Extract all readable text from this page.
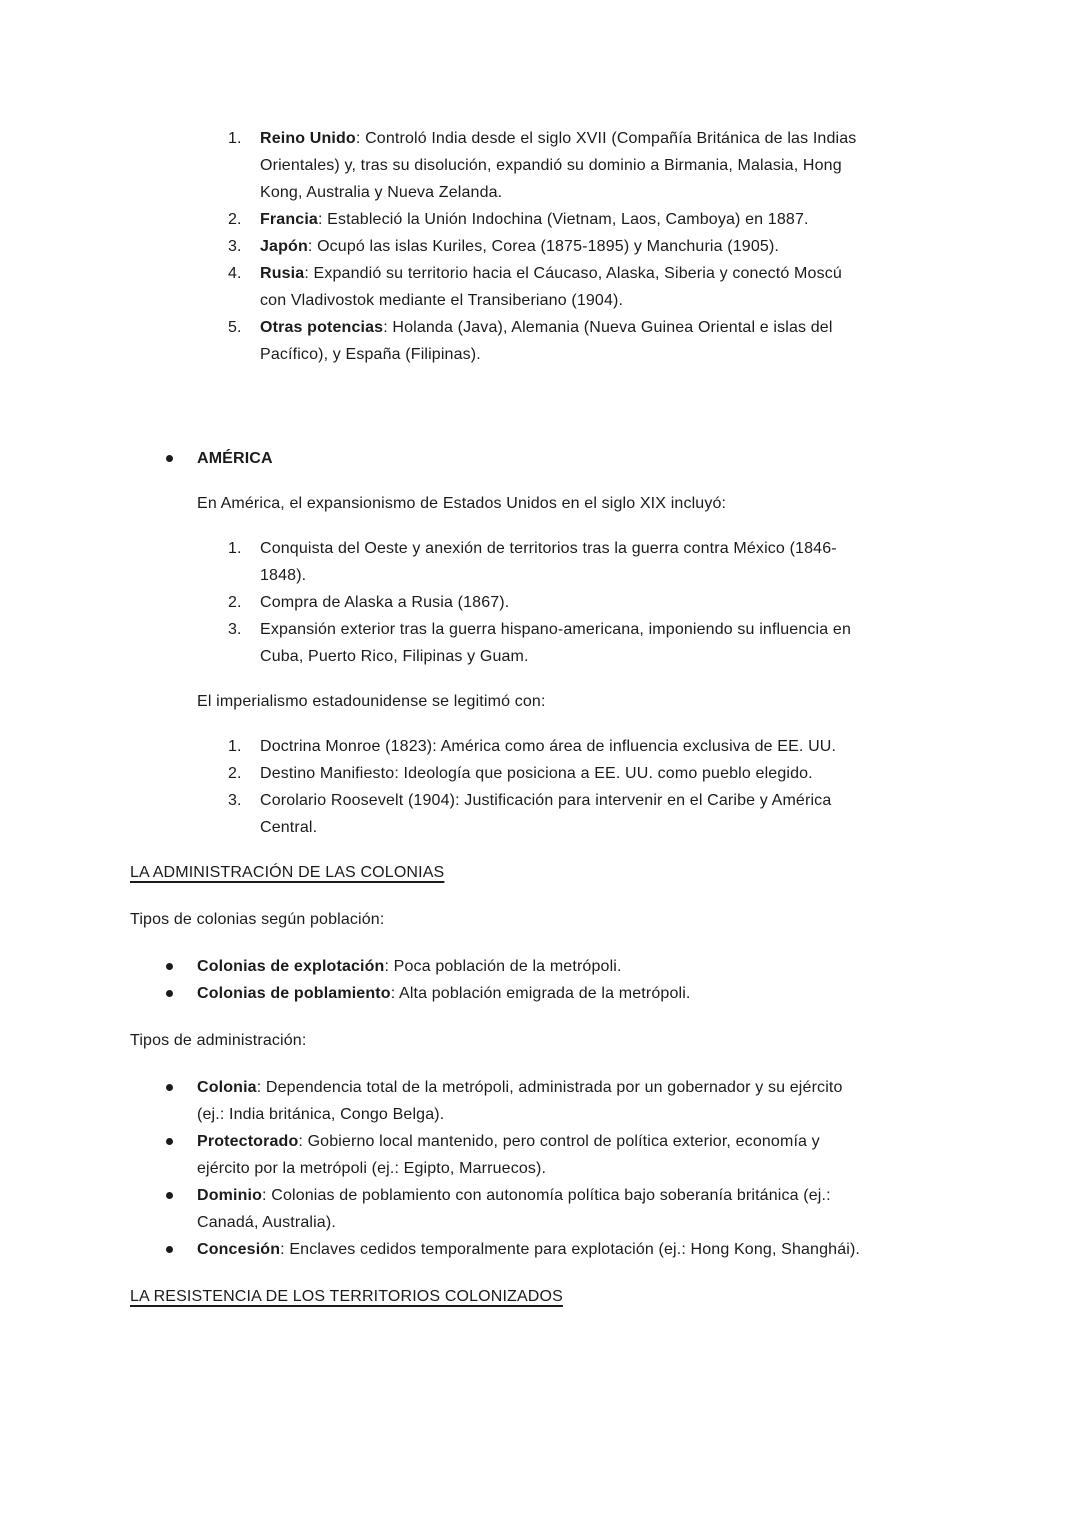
1. Reino Unido: Controló India desde el siglo XVII (Compañía Británica de las Indias Orientales) y, tras su disolución, expandió su dominio a Birmania, Malasia, Hong Kong, Australia y Nueva Zelanda.
2. Francia: Estableció la Unión Indochina (Vietnam, Laos, Camboya) en 1887.
3. Japón: Ocupó las islas Kuriles, Corea (1875-1895) y Manchuria (1905).
4. Rusia: Expandió su territorio hacia el Cáucaso, Alaska, Siberia y conectó Moscú con Vladivostok mediante el Transiberiano (1904).
5. Otras potencias: Holanda (Java), Alemania (Nueva Guinea Oriental e islas del Pacífico), y España (Filipinas).
AMÉRICA

En América, el expansionismo de Estados Unidos en el siglo XIX incluyó:

1. Conquista del Oeste y anexión de territorios tras la guerra contra México (1846-1848).
2. Compra de Alaska a Rusia (1867).
3. Expansión exterior tras la guerra hispano-americana, imponiendo su influencia en Cuba, Puerto Rico, Filipinas y Guam.

El imperialismo estadounidense se legitimó con:

1. Doctrina Monroe (1823): América como área de influencia exclusiva de EE. UU.
2. Destino Manifiesto: Ideología que posiciona a EE. UU. como pueblo elegido.
3. Corolario Roosevelt (1904): Justificación para intervenir en el Caribe y América Central.
LA ADMINISTRACIÓN DE LAS COLONIAS

Tipos de colonias según población:

Colonias de explotación: Poca población de la metrópoli.
Colonias de poblamiento: Alta población emigrada de la metrópoli.

Tipos de administración:

Colonia: Dependencia total de la metrópoli, administrada por un gobernador y su ejército (ej.: India británica, Congo Belga).
Protectorado: Gobierno local mantenido, pero control de política exterior, economía y ejército por la metrópoli (ej.: Egipto, Marruecos).
Dominio: Colonias de poblamiento con autonomía política bajo soberanía británica (ej.: Canadá, Australia).
Concesión: Enclaves cedidos temporalmente para explotación (ej.: Hong Kong, Shanghái).
LA RESISTENCIA DE LOS TERRITORIOS COLONIZADOS
